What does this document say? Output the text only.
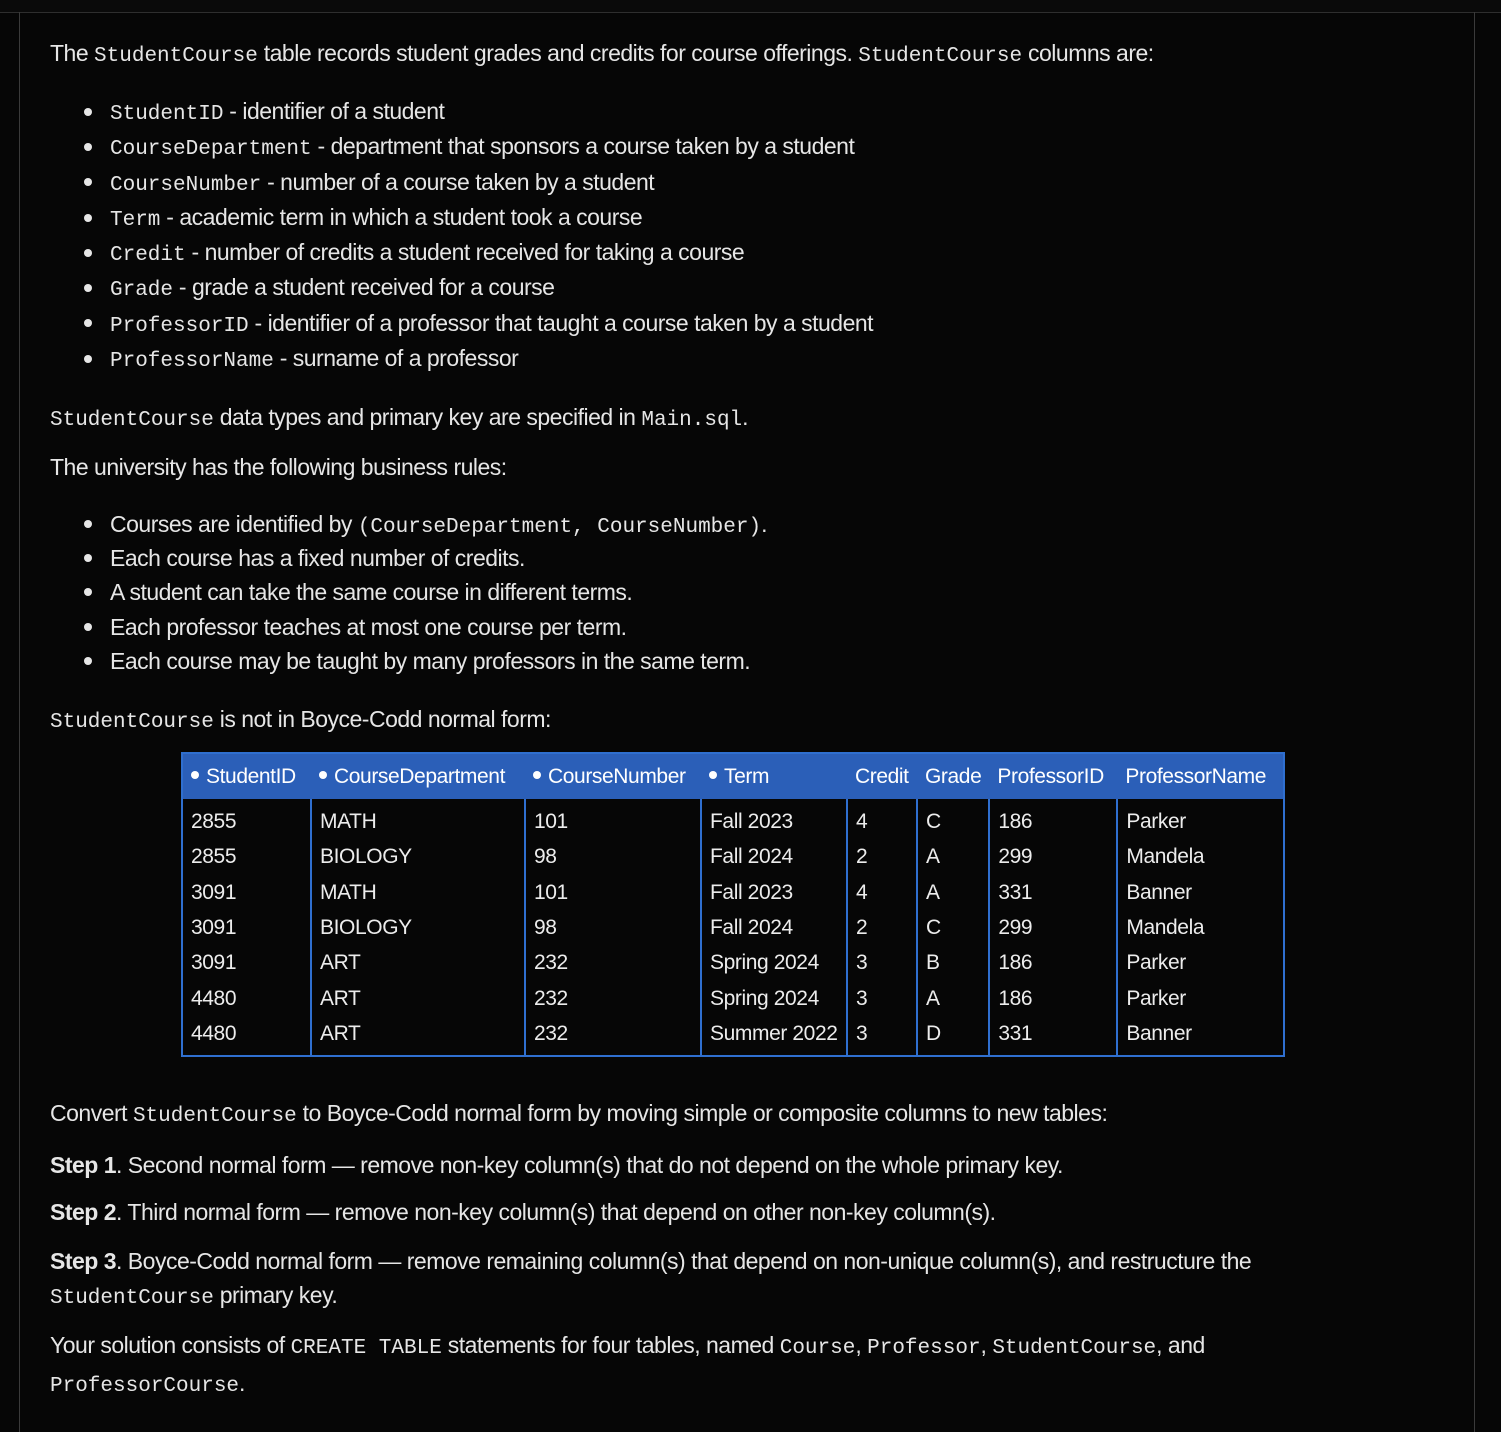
The StudentCourse table records student grades and credits for course offerings. StudentCourse columns are:

StudentID - identifier of a student
CourseDepartment - department that sponsors a course taken by a student
CourseNumber - number of a course taken by a student
Term - academic term in which a student took a course
Credit - number of credits a student received for taking a course
Grade - grade a student received for a course
ProfessorID - identifier of a professor that taught a course taken by a student
ProfessorName - surname of a professor

StudentCourse data types and primary key are specified in Main.sql.

The university has the following business rules:

Courses are identified by (CourseDepartment, CourseNumber).
Each course has a fixed number of credits.
A student can take the same course in different terms.
Each professor teaches at most one course per term.
Each course may be taught by many professors in the same term.

StudentCourse is not in Boyce-Codd normal form:

StudentID	CourseDepartment	CourseNumber	Term	Credit	Grade	ProfessorID	ProfessorName
2855	MATH	101	Fall 2023	4	C	186	Parker
2855	BIOLOGY	98	Fall 2024	2	A	299	Mandela
3091	MATH	101	Fall 2023	4	A	331	Banner
3091	BIOLOGY	98	Fall 2024	2	C	299	Mandela
3091	ART	232	Spring 2024	3	B	186	Parker
4480	ART	232	Spring 2024	3	A	186	Parker
4480	ART	232	Summer 2022	3	D	331	Banner

Convert StudentCourse to Boyce-Codd normal form by moving simple or composite columns to new tables:

Step 1. Second normal form — remove non-key column(s) that do not depend on the whole primary key.

Step 2. Third normal form — remove non-key column(s) that depend on other non-key column(s).

Step 3. Boyce-Codd normal form — remove remaining column(s) that depend on non-unique column(s), and restructure the
StudentCourse primary key.

Your solution consists of CREATE TABLE statements for four tables, named Course, Professor, StudentCourse, and
ProfessorCourse.
